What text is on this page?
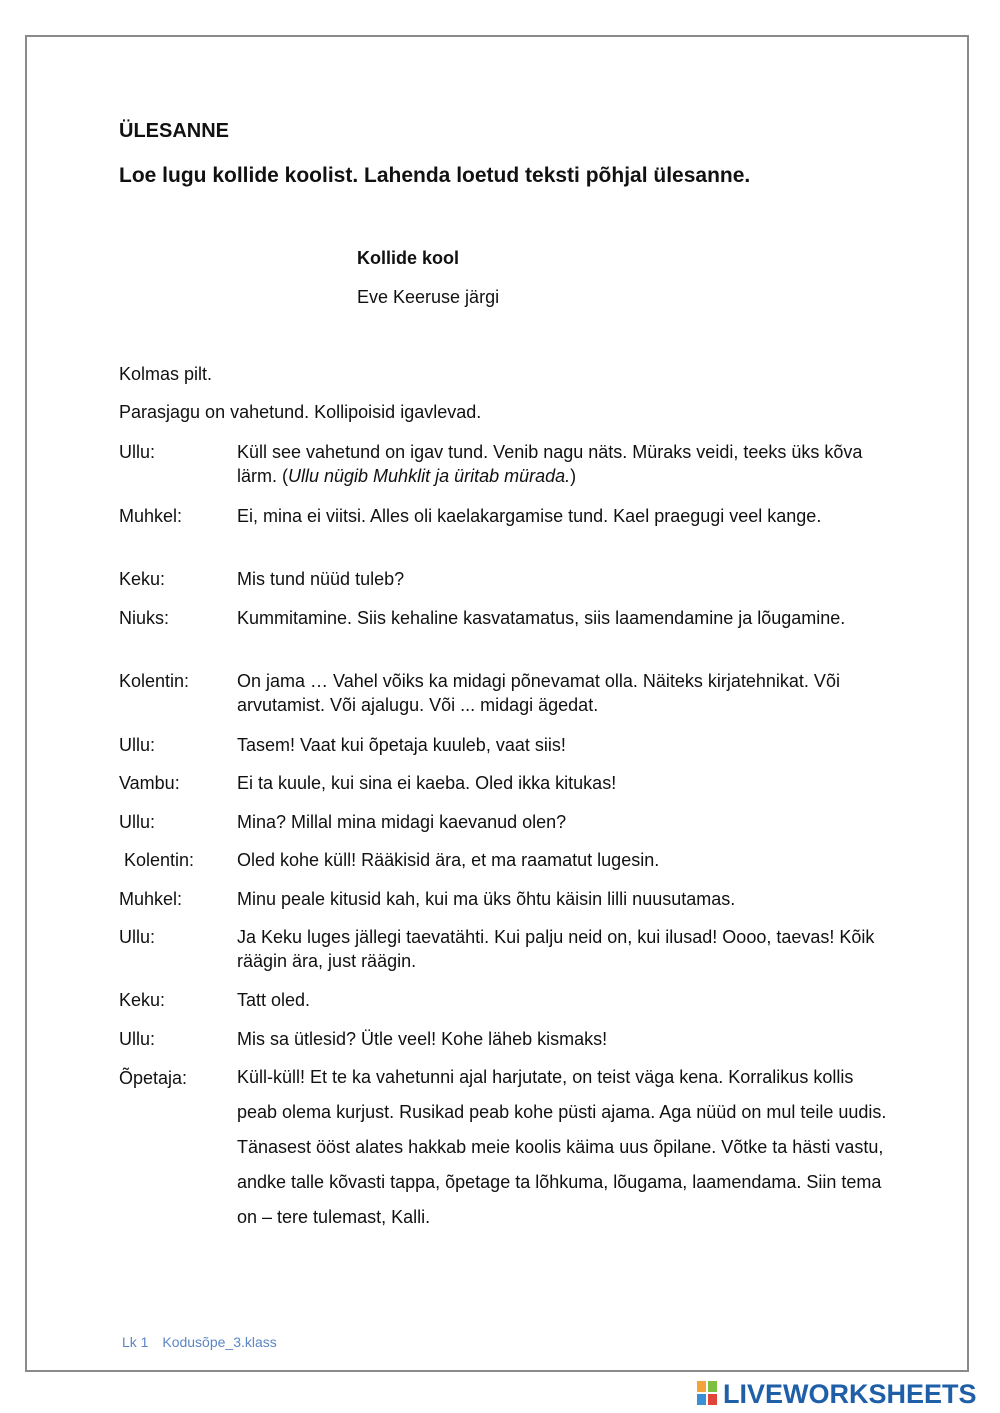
ÜLESANNE
Loe lugu kollide koolist. Lahenda loetud teksti põhjal ülesanne.
Kollide kool
Eve Keeruse järgi
Kolmas pilt.
Parasjagu on vahetund. Kollipoisid igavlevad.
Ullu:	Küll see vahetund on igav tund. Venib nagu näts. Müraks veidi, teeks üks kõva lärm. (Ullu nügib Muhklit ja üritab mürada.)
Muhkel:	Ei, mina ei viitsi. Alles oli kaelakargamise tund. Kael praegugi veel kange.
Keku:	Mis tund nüüd tuleb?
Niuks:	Kummitamine. Siis kehaline kasvatamatus, siis laamendamine ja lõugamine.
Kolentin:	On jama … Vahel võiks ka midagi põnevamat olla. Näiteks kirjatehnikat. Või arvutamist. Või ajalugu. Või ... midagi ägedat.
Ullu:	Tasem! Vaat kui õpetaja kuuleb, vaat siis!
Vambu:	Ei ta kuule, kui sina ei kaeba. Oled ikka kitukas!
Ullu:	Mina? Millal mina midagi kaevanud olen?
Kolentin: Oled kohe küll! Rääkisid ära, et ma raamatut lugesin.
Muhkel:	Minu peale kitusid kah, kui ma üks õhtu käisin lilli nuusutamas.
Ullu:	Ja Keku luges jällegi taevatähti. Kui palju neid on, kui ilusad! Oooo, taevas! Kõik räägin ära, just räägin.
Keku:	Tatt oled.
Ullu:	Mis sa ütlesid? Ütle veel! Kohe läheb kismaks!
Õpetaja:	Küll-küll! Et te ka vahetunni ajal harjutate, on teist väga kena. Korralikus kollis peab olema kurjust. Rusikad peab kohe püsti ajama. Aga nüüd on mul teile uudis. Tänasest ööst alates hakkab meie koolis käima uus õpilane. Võtke ta hästi vastu, andke talle kõvasti tappa, õpetage ta lõhkuma, lõugama, laamendama. Siin tema on – tere tulemast, Kalli.
Lk 1 Kodusõpe_3.klass
LIVEWORKSHEETS
